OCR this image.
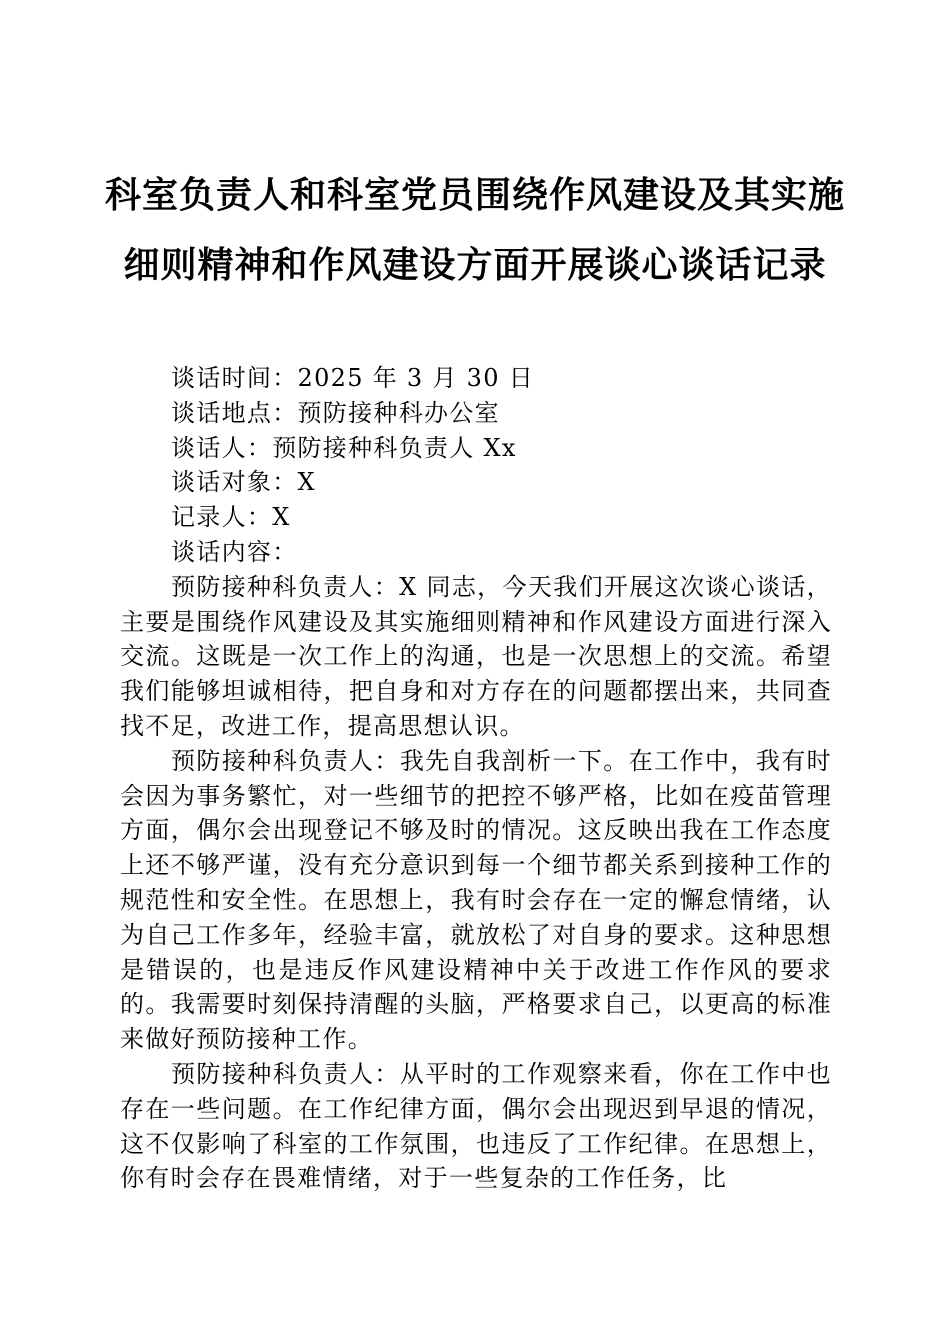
科室负责人和科室党员围绕作风建设及其实施
细则精神和作风建设方面开展谈心谈话记录

谈话时间：2025 年 3 月 30 日

谈话地点：预防接种科办公室

谈话人：预防接种科负责人 Xx

谈话对象：X

记录人：X

谈话内容：

预防接种科负责人：X 同志，今天我们开展这次谈心谈话，主要是围绕作风建设及其实施细则精神和作风建设方面进行深入交流。这既是一次工作上的沟通，也是一次思想上的交流。希望我们能够坦诚相待，把自身和对方存在的问题都摆出来，共同查找不足，改进工作，提高思想认识。

预防接种科负责人：我先自我剖析一下。在工作中，我有时会因为事务繁忙，对一些细节的把控不够严格，比如在疫苗管理方面，偶尔会出现登记不够及时的情况。这反映出我在工作态度上还不够严谨，没有充分意识到每一个细节都关系到接种工作的规范性和安全性。在思想上，我有时会存在一定的懈怠情绪，认为自己工作多年，经验丰富，就放松了对自身的要求。这种思想是错误的，也是违反作风建设精神中关于改进工作作风的要求的。我需要时刻保持清醒的头脑，严格要求自己，以更高的标准来做好预防接种工作。

预防接种科负责人：从平时的工作观察来看，你在工作中也存在一些问题。在工作纪律方面，偶尔会出现迟到早退的情况，这不仅影响了科室的工作氛围，也违反了工作纪律。在思想上，你有时会存在畏难情绪，对于一些复杂的工作任务，比
